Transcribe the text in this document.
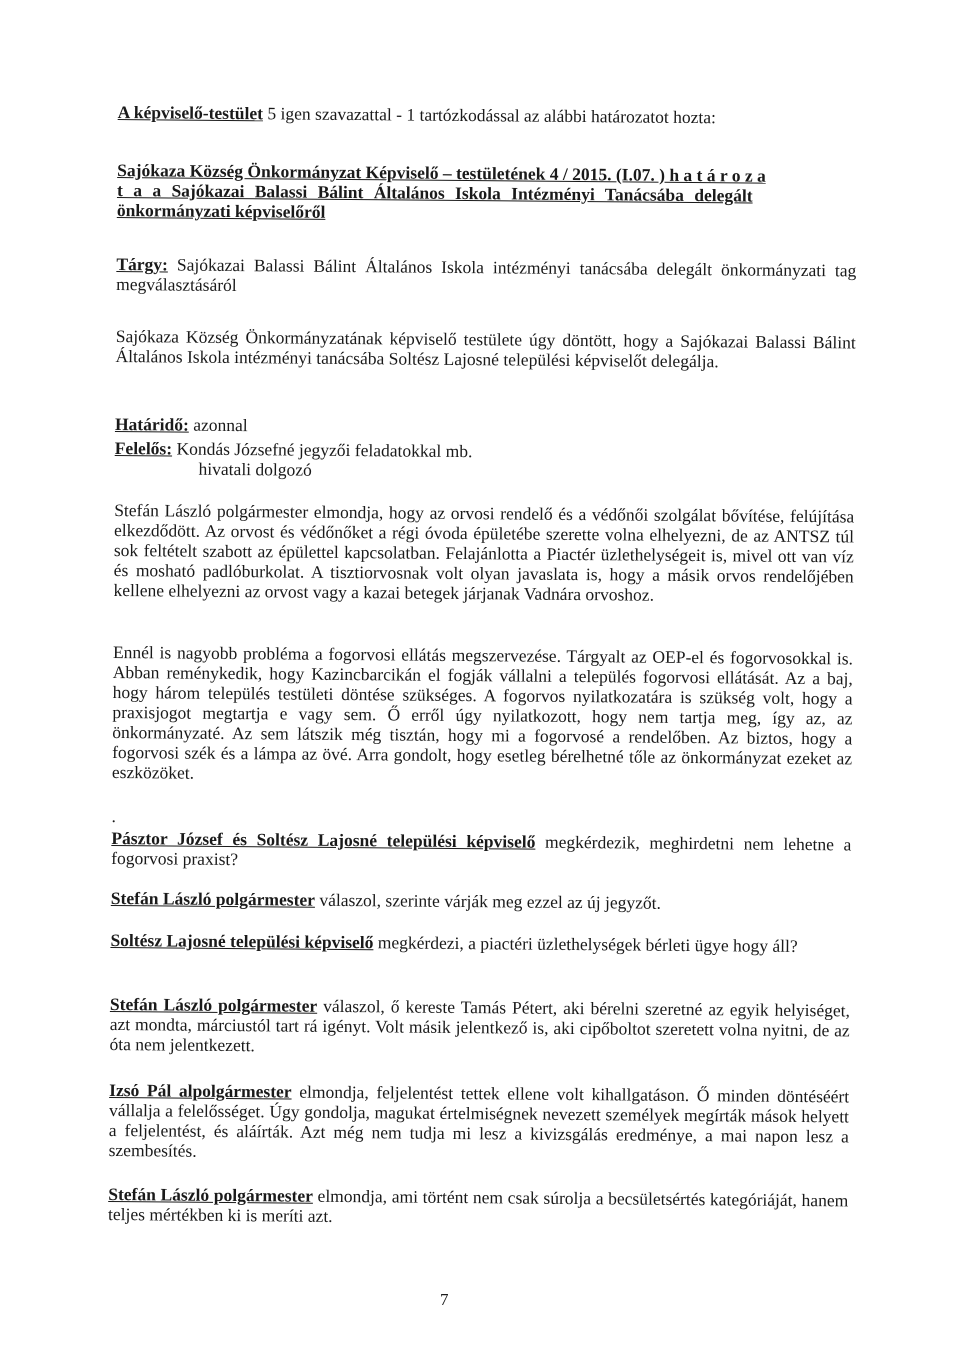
A képviselő-testület 5 igen szavazattal - 1 tartózkodással az alábbi határozatot hozta:
Sajókaza Község Önkormányzat Képviselő – testületének 4 / 2015. (I.07. ) h a t á r o z a
t a a Sajókazai Balassi Bálint Általános Iskola Intézményi Tanácsába delegált
önkormányzati képviselőről
Tárgy: Sajókazai Balassi Bálint Általános Iskola intézményi tanácsába delegált önkormányzati tag megválasztásáról
Sajókaza Község Önkormányzatának képviselő testülete úgy döntött, hogy a Sajókazai Balassi Bálint Általános Iskola intézményi tanácsába Soltész Lajosné települési képviselőt delegálja.
Határidő: azonnal
Felelős: Kondás Józsefné jegyzői feladatokkal mb.
hivatali dolgozó
Stefán László polgármester elmondja, hogy az orvosi rendelő és a védőnői szolgálat bővítése, felújítása elkezdődött. Az orvost és védőnőket a régi óvoda épületébe szerette volna elhelyezni, de az ANTSZ túl sok feltételt szabott az épülettel kapcsolatban. Felajánlotta a Piactér üzlethelységeit is, mivel ott van víz és mosható padlóburkolat. A tisztiorvosnak volt olyan javaslata is, hogy a másik orvos rendelőjében kellene elhelyezni az orvost vagy a kazai betegek járjanak Vadnára orvoshoz.
Ennél is nagyobb probléma a fogorvosi ellátás megszervezése. Tárgyalt az OEP-el és fogorvosokkal is. Abban reménykedik, hogy Kazincbarcikán el fogják vállalni a település fogorvosi ellátását. Az a baj, hogy három település testületi döntése szükséges. A fogorvos nyilatkozatára is szükség volt, hogy a praxisjogot megtartja e vagy sem. Ő erről úgy nyilatkozott, hogy nem tartja meg, így az, az önkormányzaté. Az sem látszik még tisztán, hogy mi a fogorvosé a rendelőben. Az biztos, hogy a fogorvosi szék és a lámpa az övé. Arra gondolt, hogy esetleg bérelhetné tőle az önkormányzat ezeket az eszközöket.
.
Pásztor József és Soltész Lajosné települési képviselő megkérdezik, meghirdetni nem lehetne a fogorvosi praxist?
Stefán László polgármester válaszol, szerinte várják meg ezzel az új jegyzőt.
Soltész Lajosné települési képviselő megkérdezi, a piactéri üzlethelységek bérleti ügye hogy áll?
Stefán László polgármester válaszol, ő kereste Tamás Pétert, aki bérelni szeretné az egyik helyiséget, azt mondta, márciustól tart rá igényt. Volt másik jelentkező is, aki cipőboltot szeretett volna nyitni, de az óta nem jelentkezett.
Izsó Pál alpolgármester elmondja, feljelentést tettek ellene volt kihallgatáson. Ő minden döntéséért vállalja a felelősséget. Úgy gondolja, magukat értelmiségnek nevezett személyek megírták mások helyett a feljelentést, és aláírták. Azt még nem tudja mi lesz a kivizsgálás eredménye, a mai napon lesz a szembesítés.
Stefán László polgármester elmondja, ami történt nem csak súrolja a becsületsértés kategóriáját, hanem teljes mértékben ki is meríti azt.
7
